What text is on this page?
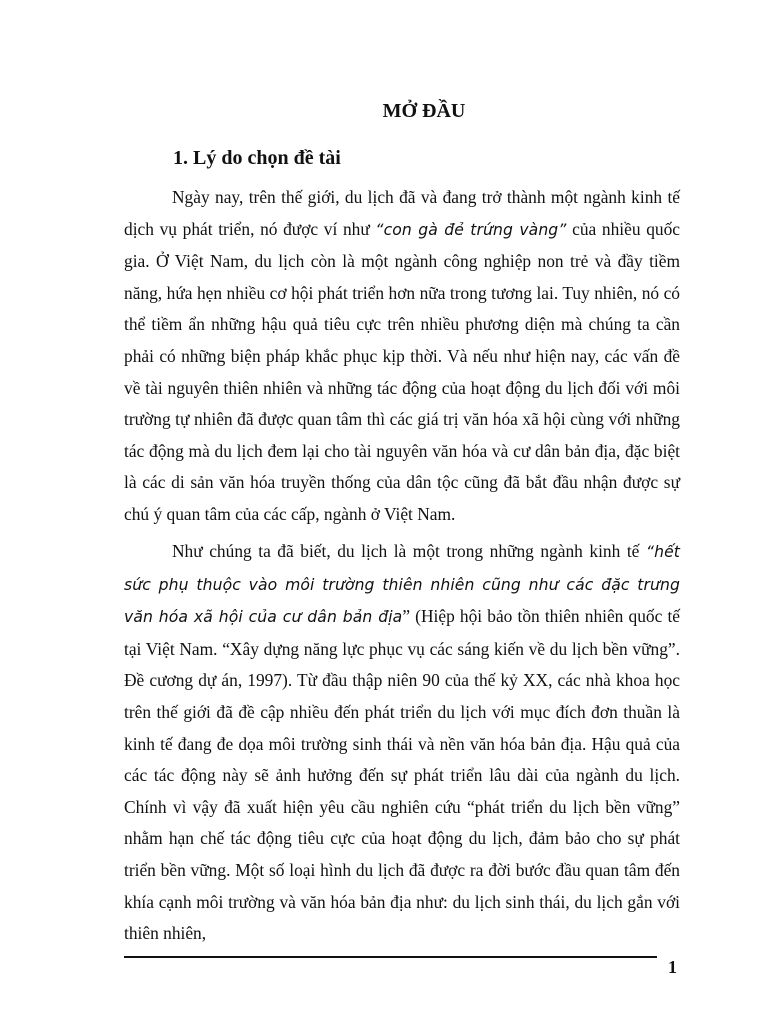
MỞ ĐẦU
1. Lý do chọn đề tài

Ngày nay, trên thế giới, du lịch đã và đang trở thành một ngành kinh tế dịch vụ phát triển, nó được ví như “con gà đẻ trứng vàng” của nhiều quốc gia. Ở Việt Nam, du lịch còn là một ngành công nghiệp non trẻ và đầy tiềm năng, hứa hẹn nhiều cơ hội phát triển hơn nữa trong tương lai. Tuy nhiên, nó có thể tiềm ẩn những hậu quả tiêu cực trên nhiều phương diện mà chúng ta cần phải có những biện pháp khắc phục kịp thời. Và nếu như hiện nay, các vấn đề về tài nguyên thiên nhiên và những tác động của hoạt động du lịch đối với môi trường tự nhiên đã được quan tâm thì các giá trị văn hóa xã hội cùng với những tác động mà du lịch đem lại cho tài nguyên văn hóa và cư dân bản địa, đặc biệt là các di sản văn hóa truyền thống của dân tộc cũng đã bắt đầu nhận được sự chú ý quan tâm của các cấp, ngành ở Việt Nam.

Như chúng ta đã biết, du lịch là một trong những ngành kinh tế “hết sức phụ thuộc vào môi trường thiên nhiên cũng như các đặc trưng văn hóa xã hội của cư dân bản địa” (Hiệp hội bảo tồn thiên nhiên quốc tế tại Việt Nam. “Xây dựng năng lực phục vụ các sáng kiến về du lịch bền vững”. Đề cương dự án, 1997). Từ đầu thập niên 90 của thế kỷ XX, các nhà khoa học trên thế giới đã đề cập nhiều đến phát triển du lịch với mục đích đơn thuần là kinh tế đang đe dọa môi trường sinh thái và nền văn hóa bản địa. Hậu quả của các tác động này sẽ ảnh hưởng đến sự phát triển lâu dài của ngành du lịch. Chính vì vậy đã xuất hiện yêu cầu nghiên cứu “phát triển du lịch bền vững” nhằm hạn chế tác động tiêu cực của hoạt động du lịch, đảm bảo cho sự phát triển bền vững. Một số loại hình du lịch đã được ra đời bước đầu quan tâm đến khía cạnh môi trường và văn hóa bản địa như: du lịch sinh thái, du lịch gắn với thiên nhiên,

1
